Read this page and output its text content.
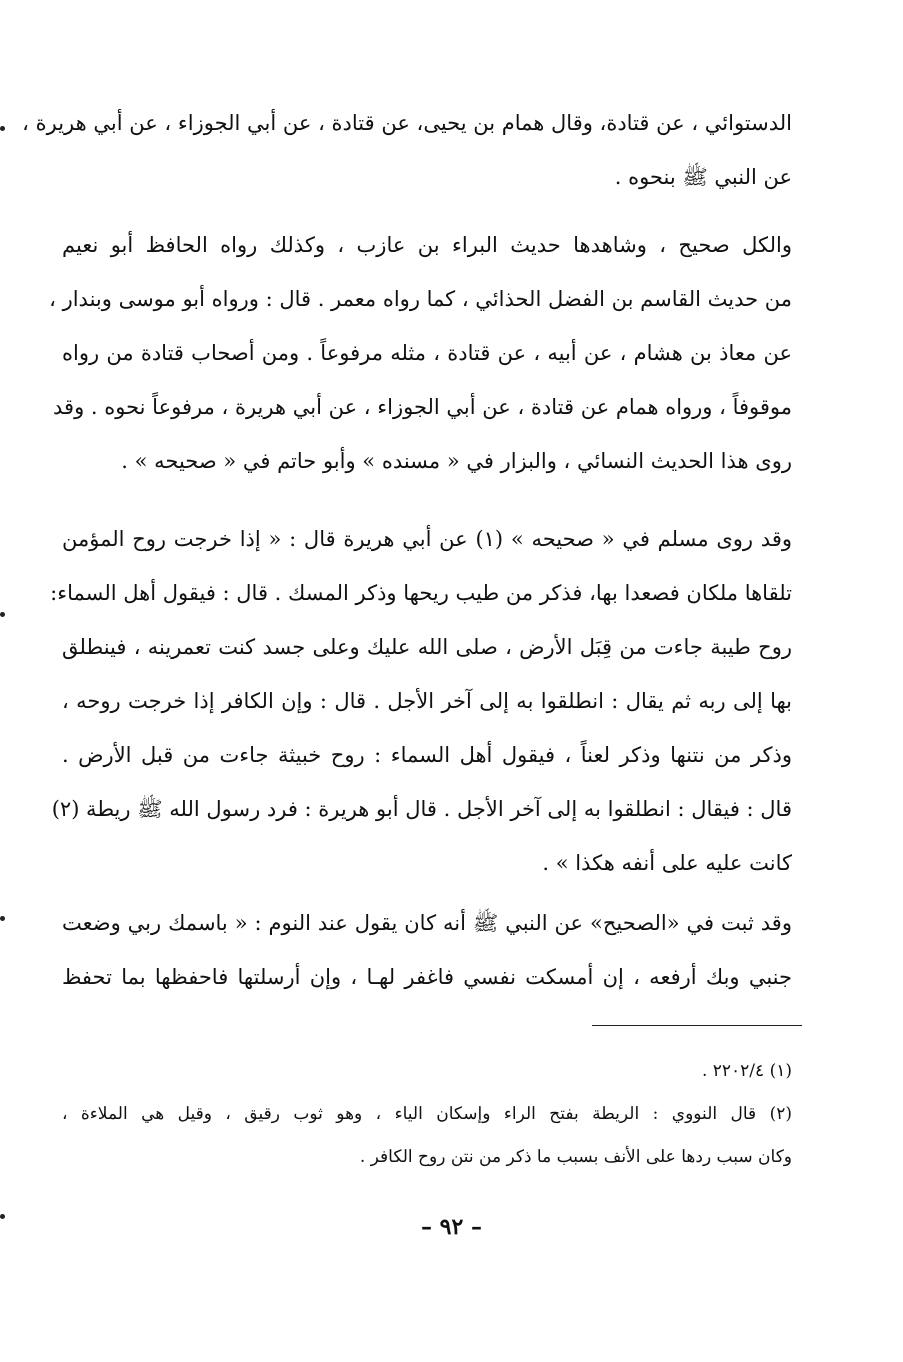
الدستوائي ، عن قتادة، وقال همام بن يحيى، عن قتادة ، عن أبي الجوزاء ، عن أبي هريرة ،
عن النبي ﷺ بنحوه .
والكل صحيح ، وشاهدها حديث البراء بن عازب ، وكذلك رواه الحافظ أبو نعيم
من حديث القاسم بن الفضل الحذائي ، كما رواه معمر . قال : ورواه أبو موسى وبندار ،
عن معاذ بن هشام ، عن أبيه ، عن قتادة ، مثله مرفوعاً . ومن أصحاب قتادة من رواه
موقوفاً ، ورواه همام عن قتادة ، عن أبي الجوزاء ، عن أبي هريرة ، مرفوعاً نحوه . وقد
روى هذا الحديث النسائي ، والبزار في « مسنده » وأبو حاتم في « صحيحه » .
وقد روى مسلم في « صحيحه » (١) عن أبي هريرة قال : « إذا خرجت روح المؤمن
تلقاها ملكان فصعدا بها، فذكر من طيب ريحها وذكر المسك . قال : فيقول أهل السماء:
روح طيبة جاءت من قِبَل الأرض ، صلى الله عليك وعلى جسد كنت تعمرينه ، فينطلق
بها إلى ربه ثم يقال : انطلقوا به إلى آخر الأجل . قال : وإن الكافر إذا خرجت روحه ،
وذكر من نتنها وذكر لعناً ، فيقول أهل السماء : روح خبيثة جاءت من قبل الأرض .
قال : فيقال : انطلقوا به إلى آخر الأجل . قال أبو هريرة : فرد رسول الله ﷺ ريطة (٢)
كانت عليه على أنفه هكذا » .
وقد ثبت في «الصحيح» عن النبي ﷺ أنه كان يقول عند النوم : « باسمك ربي وضعت
جنبي وبك أرفعه ، إن أمسكت نفسي فاغفر لهـا ، وإن أرسلتها فاحفظها بما تحفظ
(١) ٢٢٠٢/٤ .
(٢) قال النووي : الريطة بفتح الراء وإسكان الياء ، وهو ثوب رقيق ، وقيل هي الملاءة ،
وكان سبب ردها على الأنف بسبب ما ذكر من نتن روح الكافر .
– ٩٢ –
